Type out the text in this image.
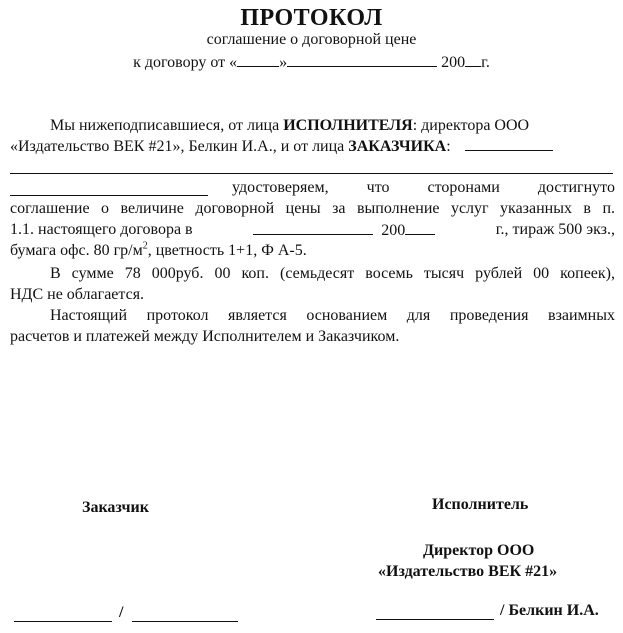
ПРОТОКОЛ
соглашение о договорной цене
к договору от «	»	200 г.
Мы нижеподписавшиеся, от лица ИСПОЛНИТЕЛЯ: директора ООО
«Издательство ВЕК #21», Белкин И.А., и от лица ЗАКАЗЧИКА:
удостоверяем, что сторонами достигнуто
соглашение о величине договорной цены за выполнение услуг указанных в п.
1.1. настоящего договора в	200	г., тираж 500 экз.,
бумага офс. 80 $гр/м^2$, цветность 1+1, Ф А-5.
В сумме 78 000руб. 00 коп. (семьдесят восемь тысяч рублей 00 копеек),
НДС не облагается.
Настоящий протокол является основанием для проведения взаимных
расчетов и платежей между Исполнителем и Заказчиком.
Заказчик	Исполнитель
Директор ООО
«Издательство ВЕК #21»
/	/ Белкин И.А.
